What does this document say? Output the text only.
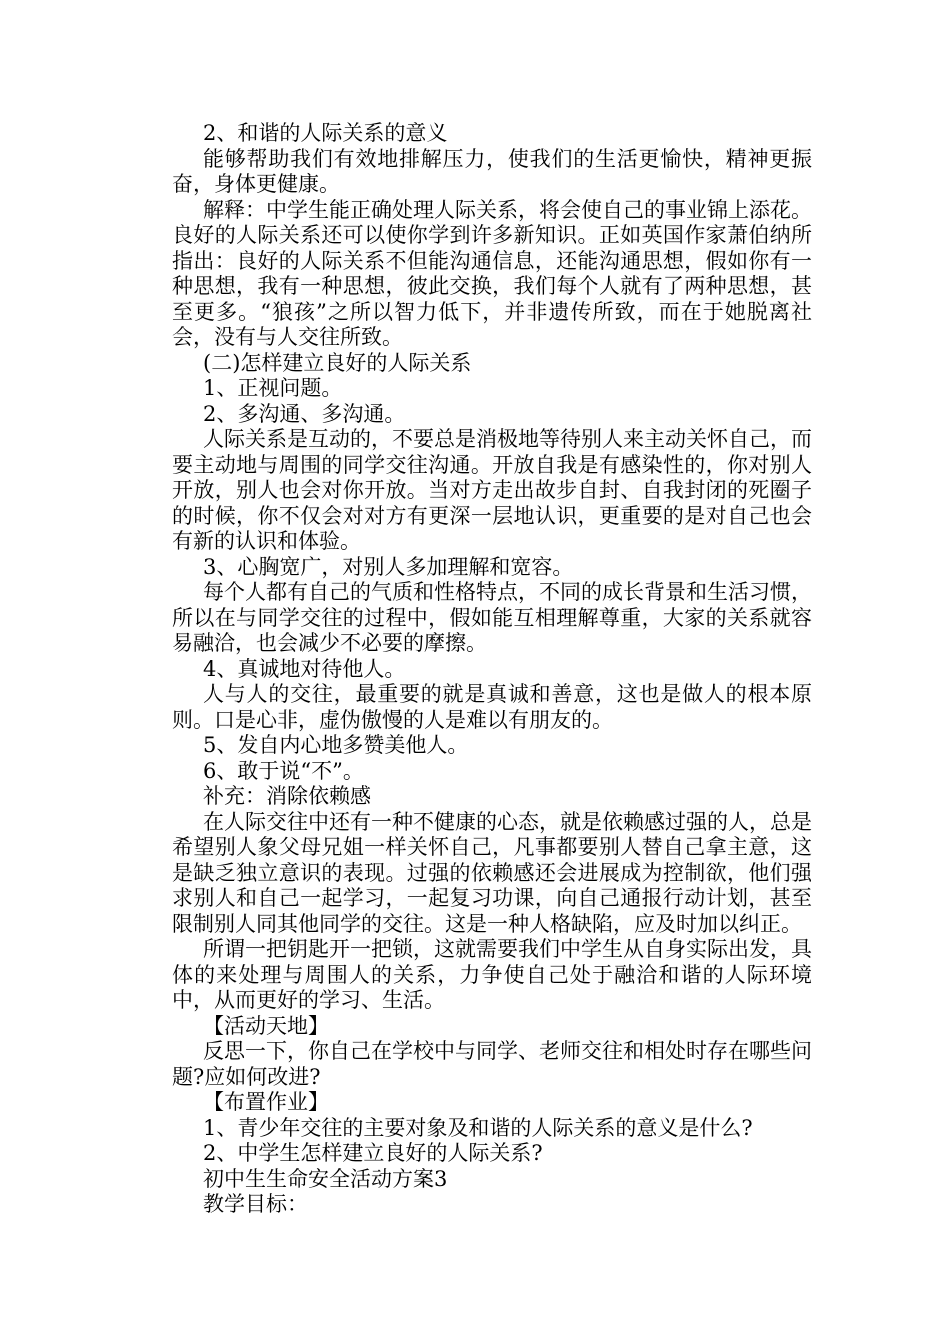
2、和谐的人际关系的意义

能够帮助我们有效地排解压力，使我们的生活更愉快，精神更振奋，身体更健康。

解释：中学生能正确处理人际关系，将会使自己的事业锦上添花。良好的人际关系还可以使你学到许多新知识。正如英国作家萧伯纳所指出：良好的人际关系不但能沟通信息，还能沟通思想，假如你有一种思想，我有一种思想，彼此交换，我们每个人就有了两种思想，甚至更多。“狼孩”之所以智力低下，并非遗传所致，而在于她脱离社会，没有与人交往所致。

(二)怎样建立良好的人际关系

1、正视问题。

2、多沟通、多沟通。

人际关系是互动的，不要总是消极地等待别人来主动关怀自己，而要主动地与周围的同学交往沟通。开放自我是有感染性的，你对别人开放，别人也会对你开放。当对方走出故步自封、自我封闭的死圈子的时候，你不仅会对对方有更深一层地认识，更重要的是对自己也会有新的认识和体验。

3、心胸宽广，对别人多加理解和宽容。

每个人都有自己的气质和性格特点，不同的成长背景和生活习惯，所以在与同学交往的过程中，假如能互相理解尊重，大家的关系就容易融洽，也会减少不必要的摩擦。

4、真诚地对待他人。

人与人的交往，最重要的就是真诚和善意，这也是做人的根本原则。口是心非，虚伪傲慢的人是难以有朋友的。

5、发自内心地多赞美他人。

6、敢于说“不”。

补充：消除依赖感

在人际交往中还有一种不健康的心态，就是依赖感过强的人，总是希望别人象父母兄姐一样关怀自己，凡事都要别人替自己拿主意，这是缺乏独立意识的表现。过强的依赖感还会进展成为控制欲，他们强求别人和自己一起学习，一起复习功课，向自己通报行动计划，甚至限制别人同其他同学的交往。这是一种人格缺陷，应及时加以纠正。

所谓一把钥匙开一把锁，这就需要我们中学生从自身实际出发，具体的来处理与周围人的关系，力争使自己处于融洽和谐的人际环境中，从而更好的学习、生活。

【活动天地】

反思一下，你自己在学校中与同学、老师交往和相处时存在哪些问题?应如何改进?

【布置作业】

1、青少年交往的主要对象及和谐的人际关系的意义是什么?

2、中学生怎样建立良好的人际关系?

初中生生命安全活动方案3

教学目标：
